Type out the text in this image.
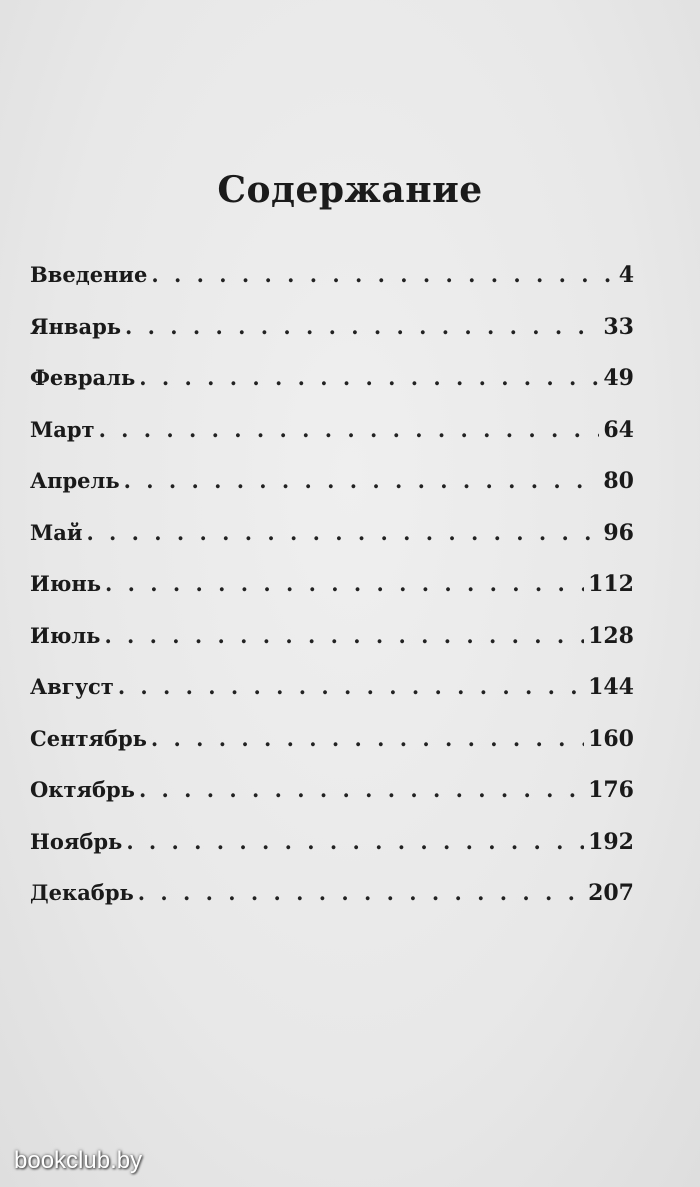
Содержание
Введение . . .	4
Январь . . .	33
Февраль . . .	49
Март . . .	64
Апрель . . .	80
Май . . .	96
Июнь . . .	112
Июль . . .	128
Август . . .	144
Сентябрь . . .	160
Октябрь . . .	176
Ноябрь . . .	192
Декабрь . . .	207
bookclub.by
